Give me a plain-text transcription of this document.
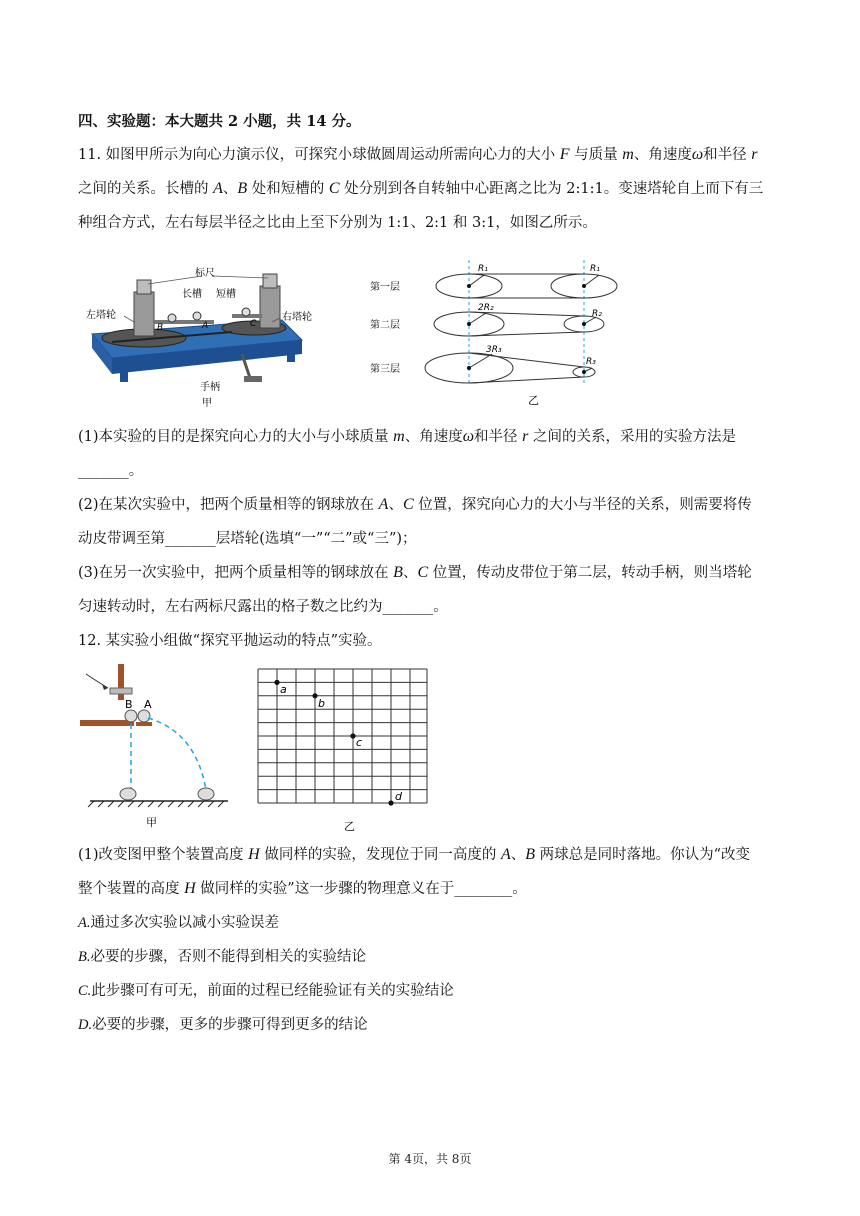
四、实验题：本大题共 2 小题，共 14 分。
11. 如图甲所示为向心力演示仪，可探究小球做圆周运动所需向心力的大小 F 与质量 m、角速度ω和半径 r
之间的关系。长槽的 A、B 处和短槽的 C 处分别到各自转轴中心距离之比为 2:1:1。变速塔轮自上而下有三
种组合方式，左右每层半径之比由上至下分别为 1:1、2:1 和 3:1，如图乙所示。
标尺
长槽 短槽
左塔轮	右塔轮
B	A	C
手柄
甲
第一层
第二层
第三层
R₁	R₁
2R₂
R₂
3R₃
R₃
乙
(1)本实验的目的是探究向心力的大小与小球质量 m、角速度ω和半径 r 之间的关系，采用的实验方法是
_______。
(2)在某次实验中，把两个质量相等的钢球放在 A、C 位置，探究向心力的大小与半径的关系，则需要将传
动皮带调至第_______层塔轮(选填“一”“二”或“三”)；
(3)在另一次实验中，把两个质量相等的钢球放在 B、C 位置，传动皮带位于第二层，转动手柄，则当塔轮
匀速转动时，左右两标尺露出的格子数之比约为_______。
12. 某实验小组做“探究平抛运动的特点”实验。
B A
甲
a
b
c
d
乙
(1)改变图甲整个装置高度 H 做同样的实验，发现位于同一高度的 A、B 两球总是同时落地。你认为“改变
整个装置的高度 H 做同样的实验”这一步骤的物理意义在于________。
A.通过多次实验以减小实验误差
B.必要的步骤，否则不能得到相关的实验结论
C.此步骤可有可无，前面的过程已经能验证有关的实验结论
D.必要的步骤，更多的步骤可得到更多的结论
第 4页，共 8页
